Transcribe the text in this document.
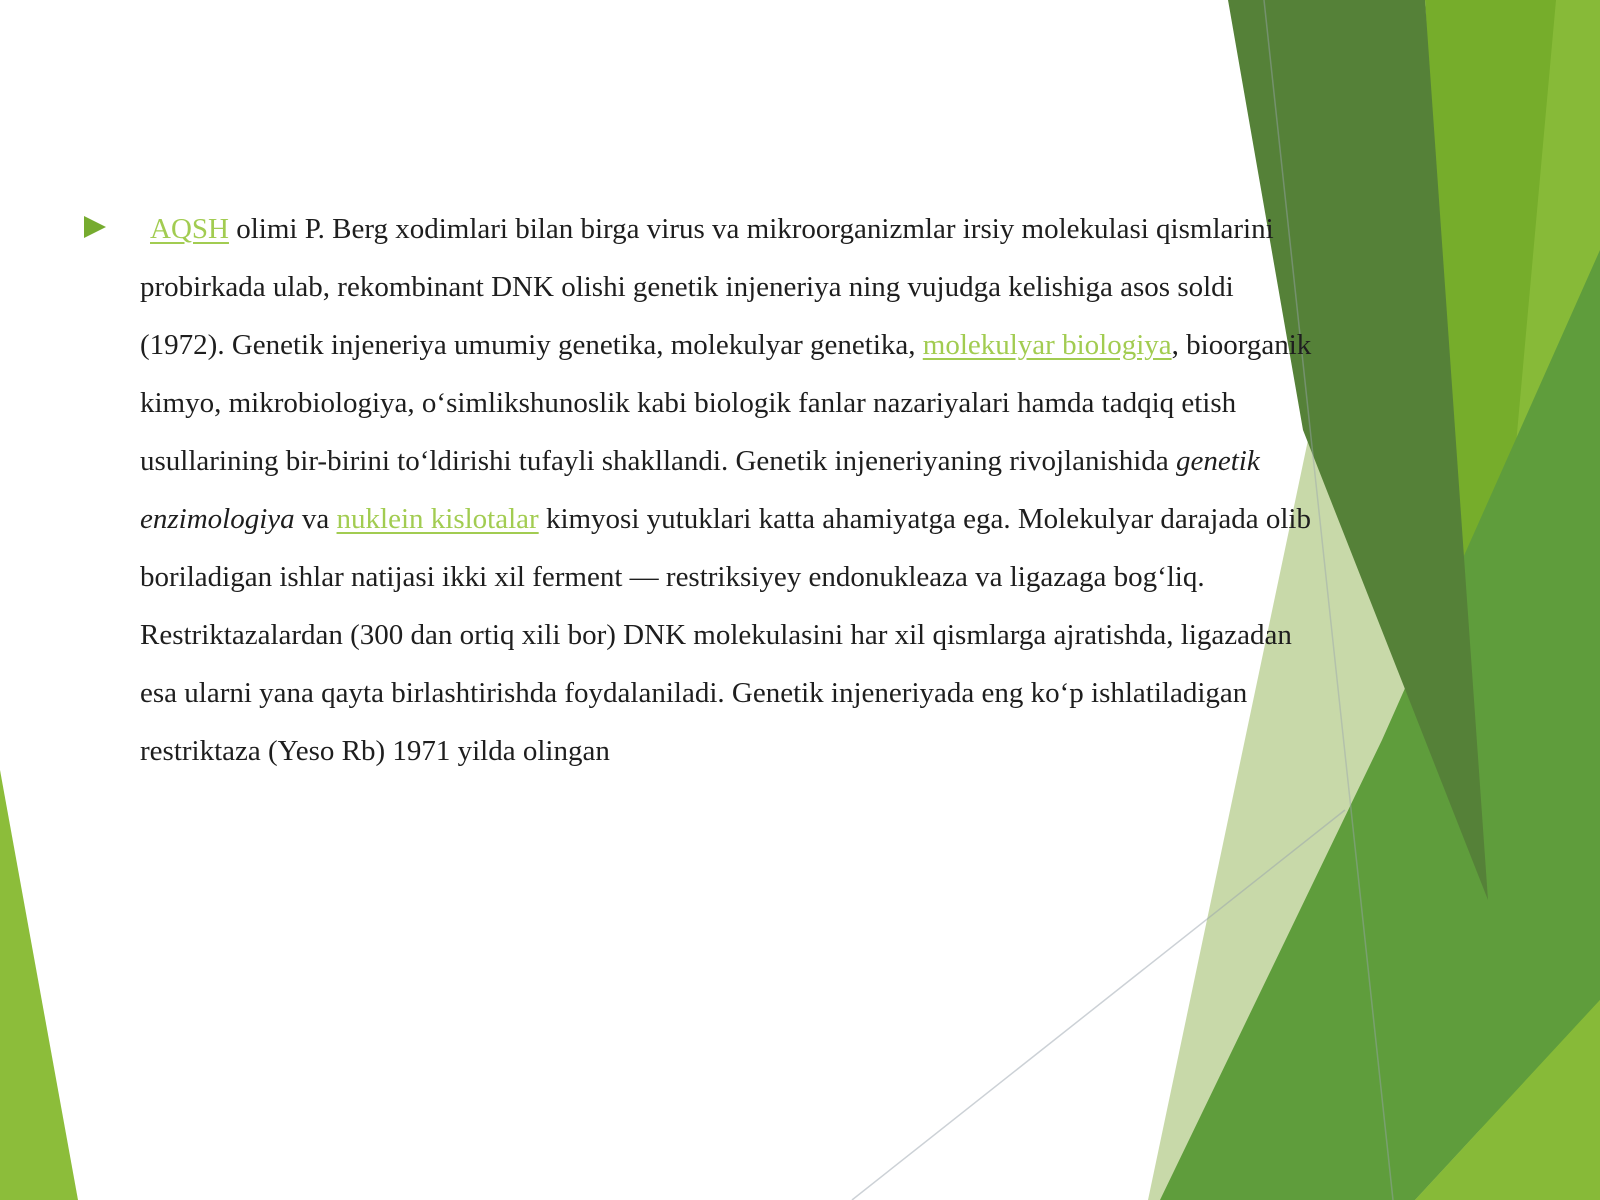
AQSH olimi P. Berg xodimlari bilan birga virus va mikroorganizmlar irsiy molekulasi qismlarini probirkada ulab, rekombinant DNK olishi genetik injeneriya ning vujudga kelishiga asos soldi (1972). Genetik injeneriya umumiy genetika, molekulyar genetika, molekulyar biologiya, bioorganik kimyo, mikrobiologiya, oʻsimlikshunoslik kabi biologik fanlar nazariyalari hamda tadqiq etish usullarining bir-birini toʻldirishi tufayli shakllandi. Genetik injeneriyaning rivojlanishida genetik enzimologiya va nuklein kislotalar kimyosi yutuklari katta ahamiyatga ega. Molekulyar darajada olib boriladigan ishlar natijasi ikki xil ferment — restriksiyey endonukleaza va ligazaga bogʻliq. Restriktazalardan (300 dan ortiq xili bor) DNK molekulasini har xil qismlarga ajratishda, ligazadan esa ularni yana qayta birlashtirishda foydalaniladi. Genetik injeneriyada eng koʻp ishlatiladigan restriktaza (Yeso Rb) 1971 yilda olingan
